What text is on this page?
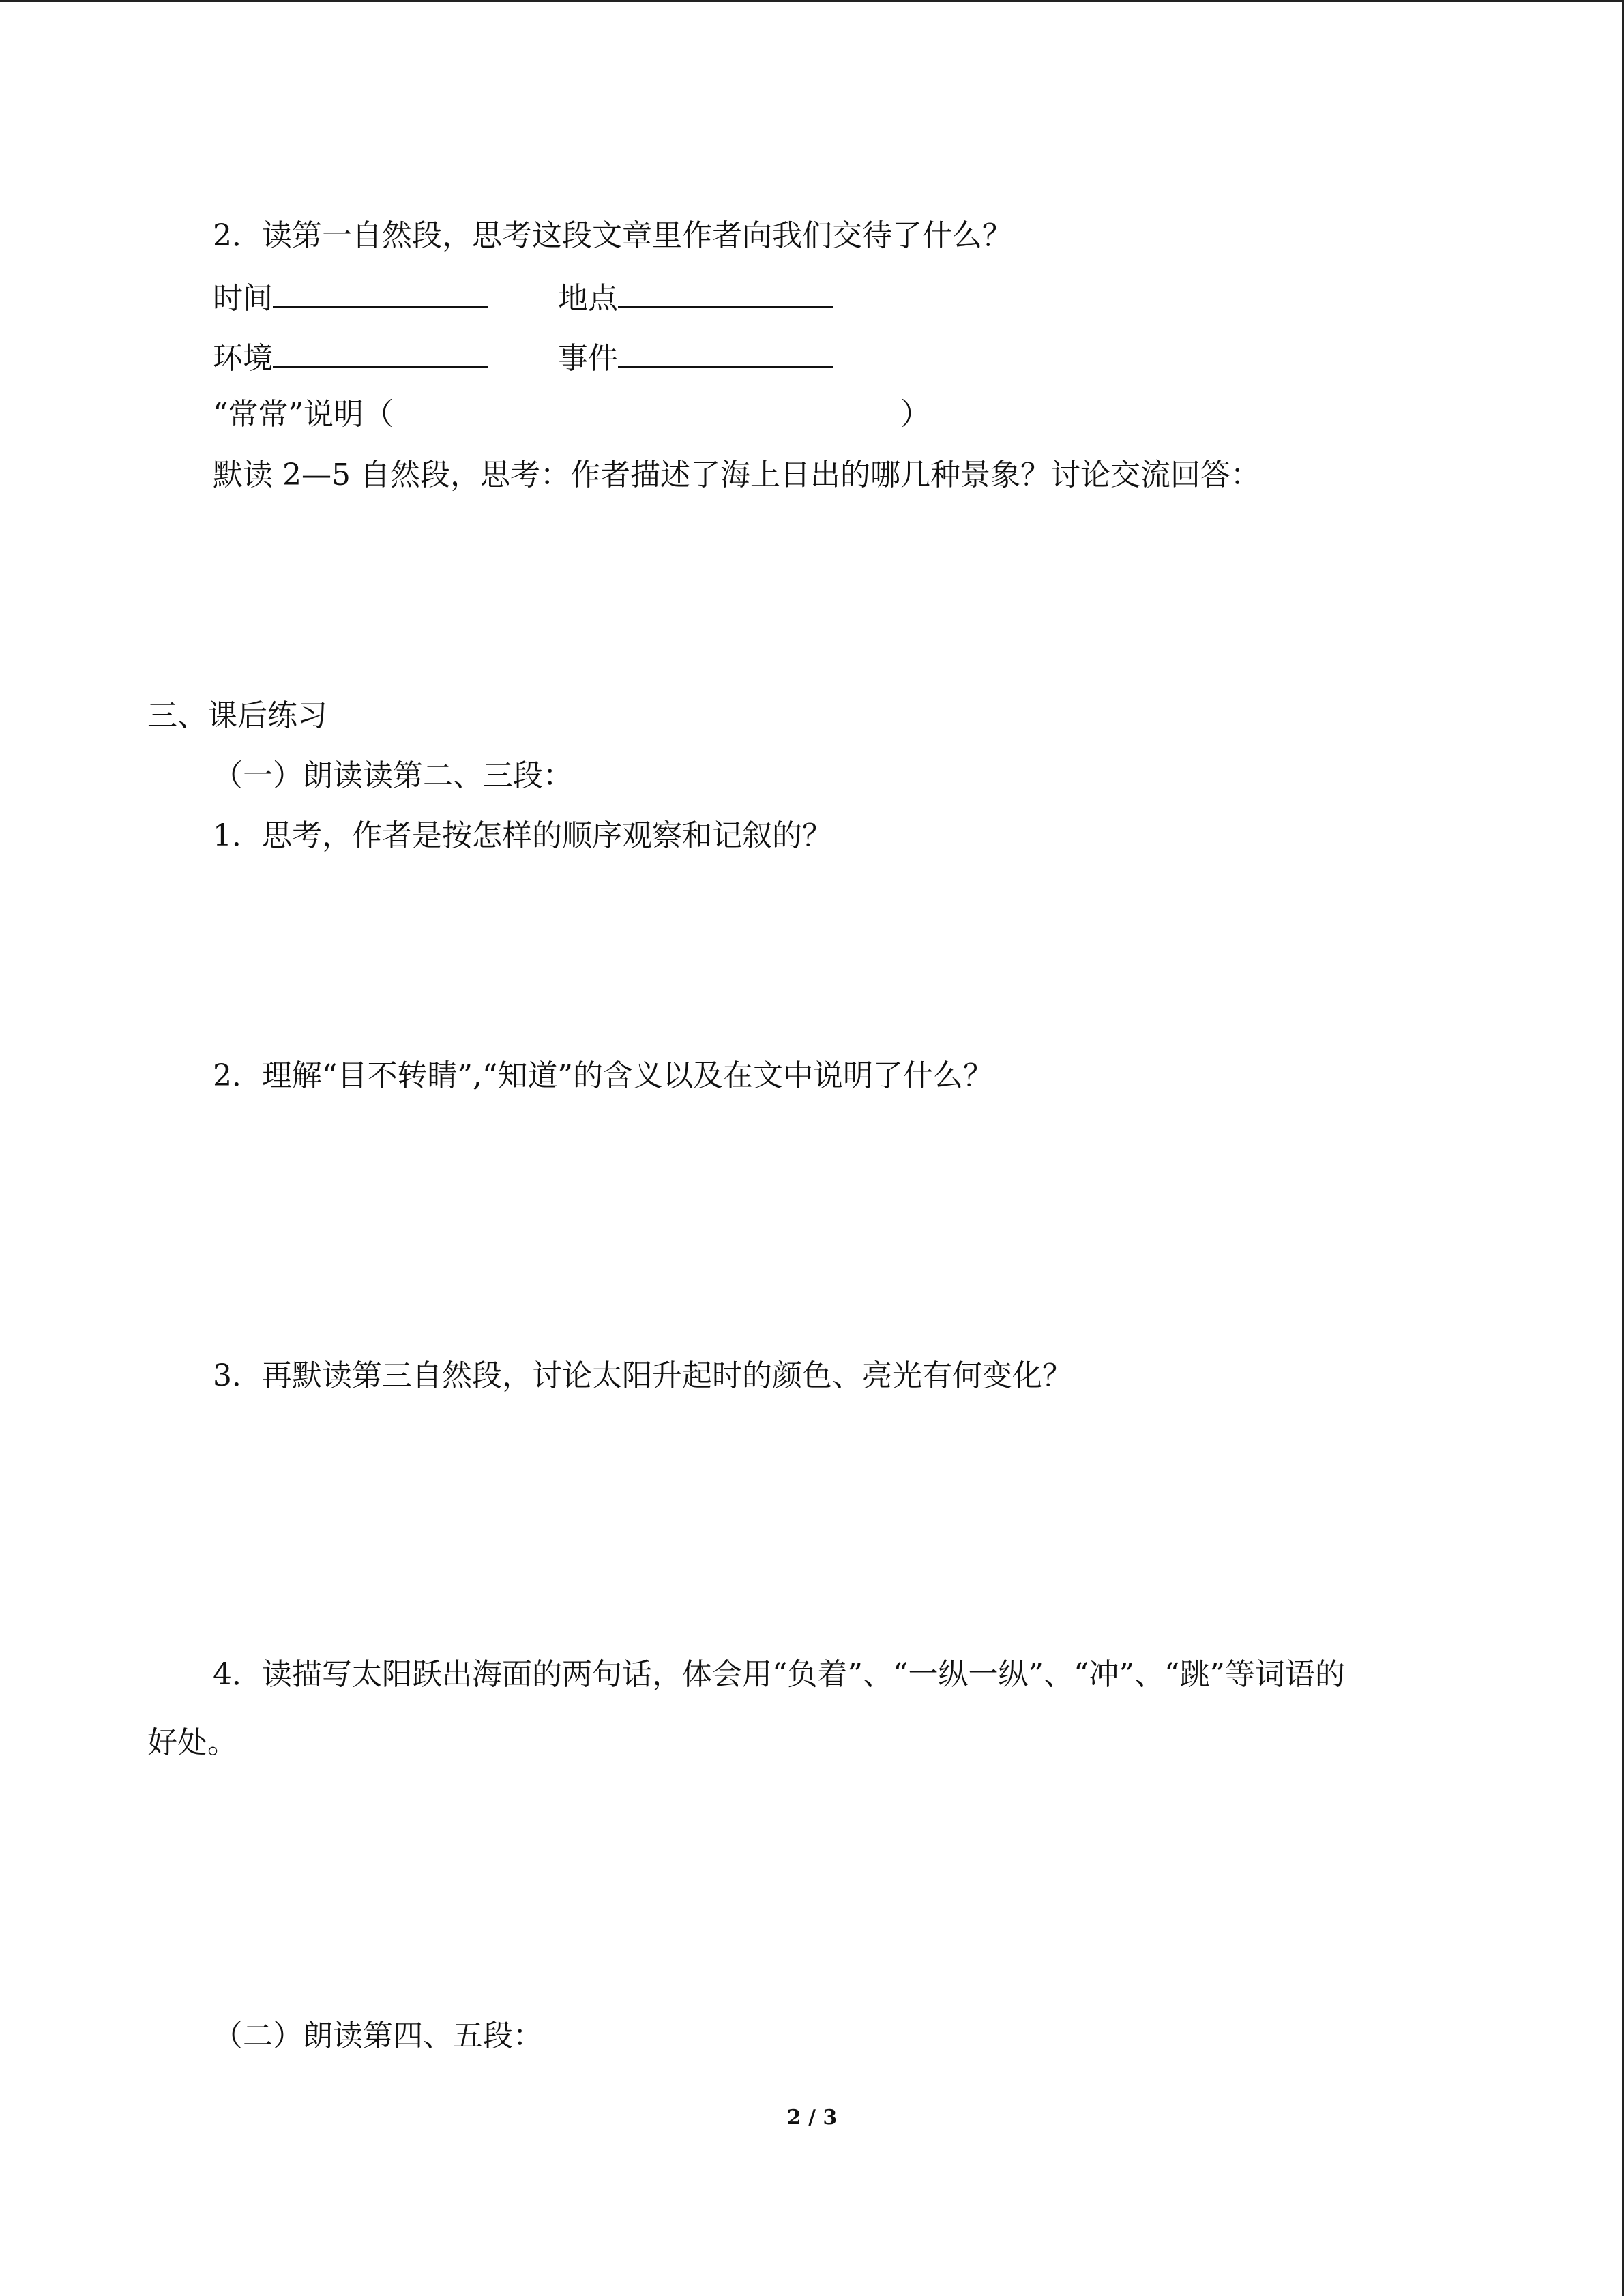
2．读第一自然段，思考这段文章里作者向我们交待了什么？
时间	地点
环境	事件
“常常”说明（	）
默读 2—5 自然段，思考：作者描述了海上日出的哪几种景象？讨论交流回答：
三、课后练习
（一）朗读读第二、三段：
1．思考，作者是按怎样的顺序观察和记叙的？
2．理解“目不转睛”,“知道”的含义以及在文中说明了什么？
3．再默读第三自然段，讨论太阳升起时的颜色、亮光有何变化？
4．读描写太阳跃出海面的两句话，体会用“负着”、“一纵一纵”、“冲”、“跳”等词语的
好处。
（二）朗读第四、五段：
2 / 3
